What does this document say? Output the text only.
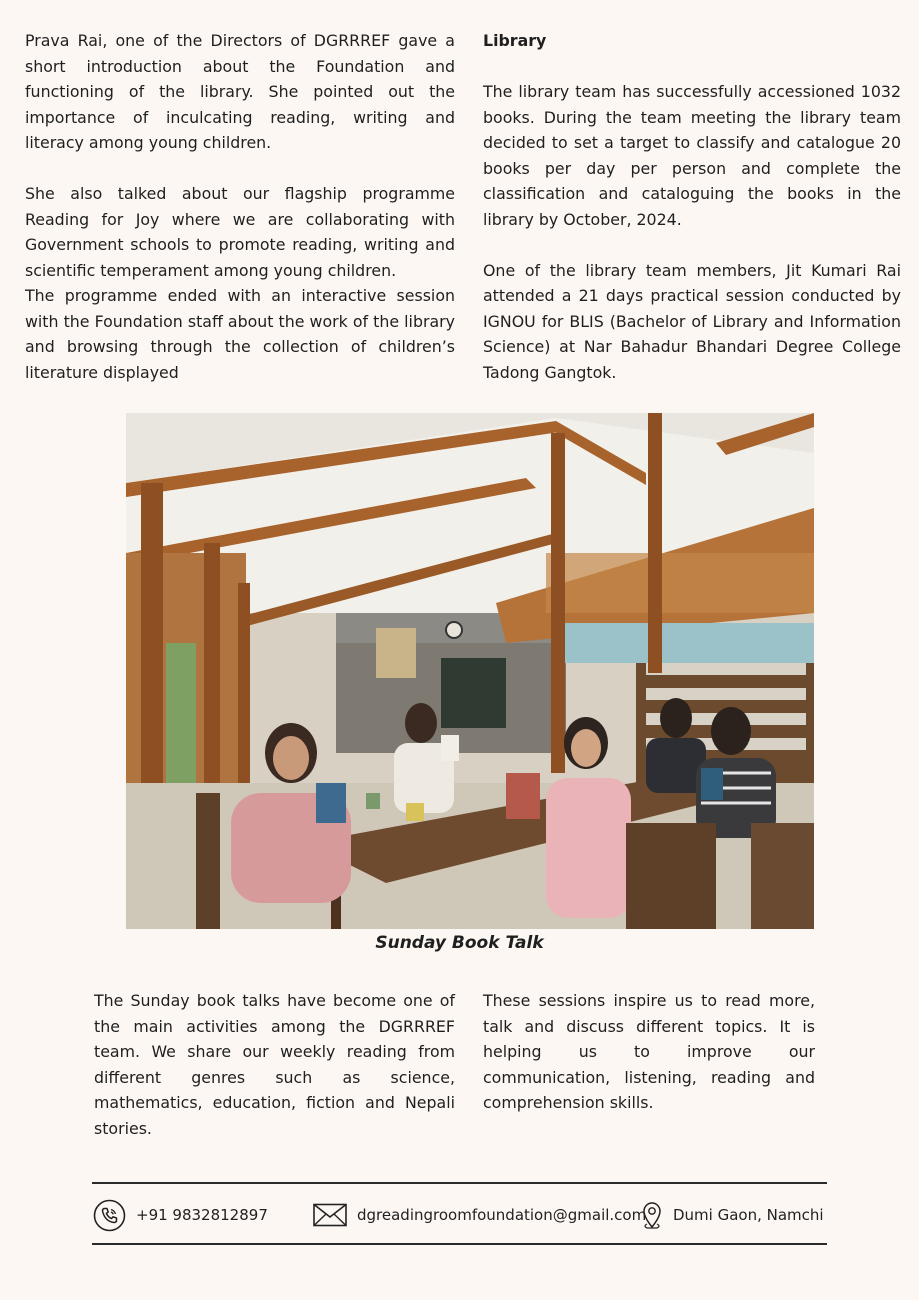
Prava Rai, one of the Directors of DGRRREF gave a short introduction about the Foundation and functioning of the library. She pointed out the importance of inculcating reading, writing and literacy among young children.

She also talked about our flagship programme Reading for Joy where we are collaborating with Government schools to promote reading, writing and scientific temperament among young children.

The programme ended with an interactive session with the Foundation staff about the work of the library and browsing through the collection of children’s literature displayed

Library

The library team has successfully accessioned 1032 books. During the team meeting the library team decided to set a target to classify and catalogue 20 books per day per person and complete the classification and cataloguing the books in the library by October, 2024.

One of the library team members, Jit Kumari Rai attended a 21 days practical session conducted by IGNOU for BLIS (Bachelor of Library and Information Science) at Nar Bahadur Bhandari Degree College Tadong Gangtok.

Sunday Book Talk

The Sunday book talks have become one of the main activities among the DGRRREF team. We share our weekly reading from different genres such as science, mathematics, education, fiction and Nepali stories.

These sessions inspire us to read more, talk and discuss different topics. It is helping us to improve our communication, listening, reading and comprehension skills.

+91 9832812897	dgreadingroomfoundation@gmail.com Dumi Gaon, Namchi
